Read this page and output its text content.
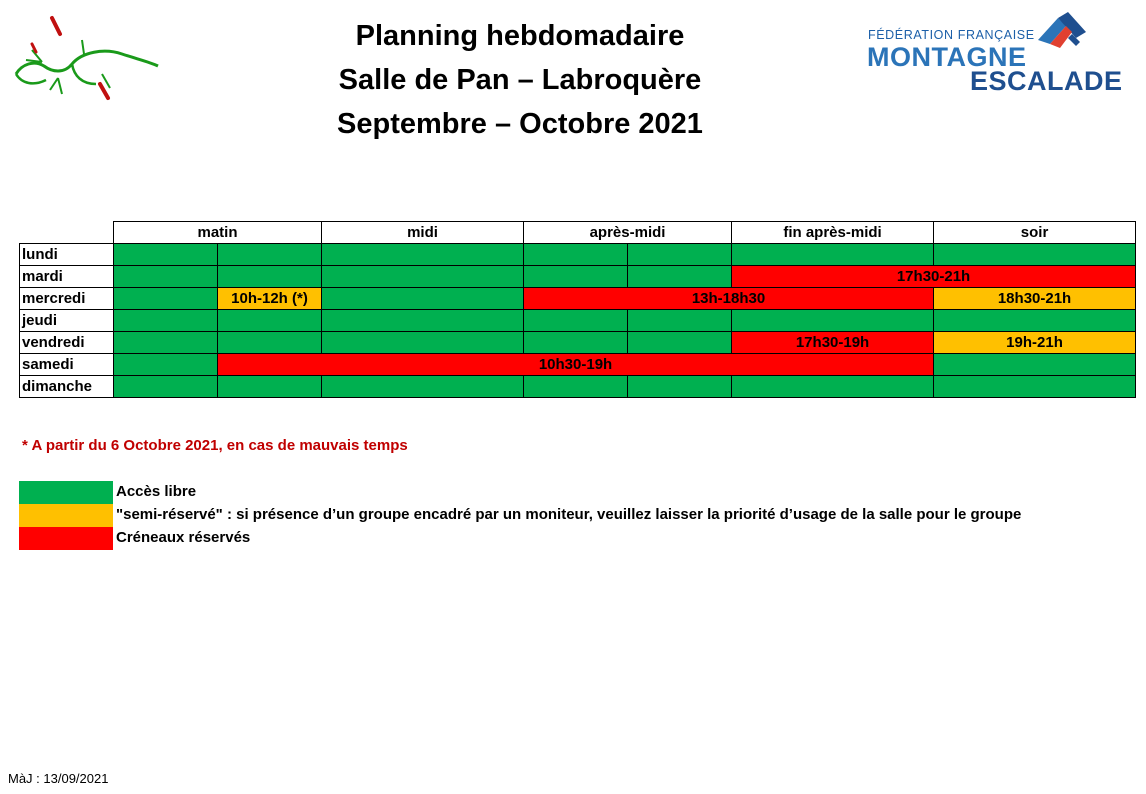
Planning hebdomadaire
Salle de Pan – Labroquère
Septembre – Octobre 2021
FÉDÉRATION FRANÇAISE
MONTAGNE
ESCALADE
	matin		midi	après-midi		fin après-midi	soir
lundi							
mardi						17h30-21h	
mercredi		10h-12h (*)		13h-18h30			18h30-21h
jeudi							
vendredi						17h30-19h	19h-21h
samedi		10h30-19h					
dimanche							
* A partir du 6 Octobre 2021, en cas de mauvais temps
Accès libre
"semi-réservé" : si présence d’un groupe encadré par un moniteur, veuillez laisser la priorité d’usage de la salle pour le groupe
Créneaux réservés
MàJ : 13/09/2021
